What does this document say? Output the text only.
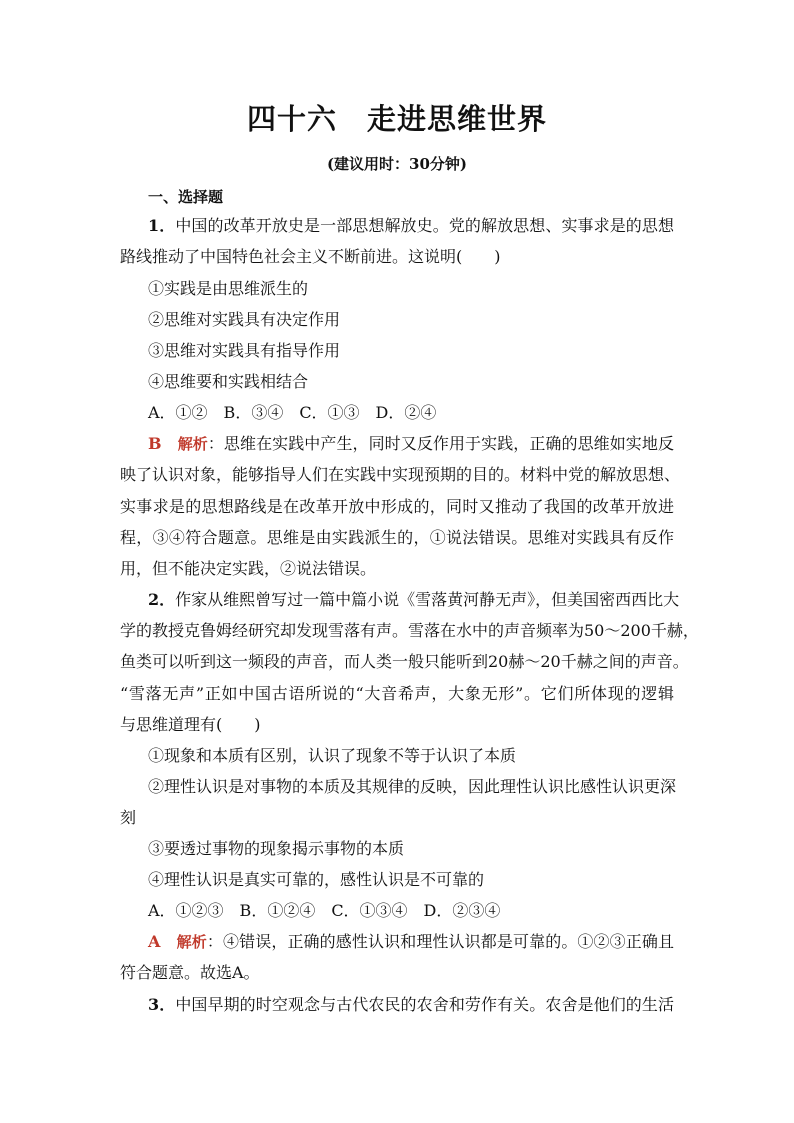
四十六　走进思维世界
(建议用时：30分钟)
一、选择题
1．中国的改革开放史是一部思想解放史。党的解放思想、实事求是的思想
路线推动了中国特色社会主义不断前进。这说明(　　)
①实践是由思维派生的
②思维对实践具有决定作用
③思维对实践具有指导作用
④思维要和实践相结合
A．①②　B．③④　C．①③　D．②④
B　 解析：思维在实践中产生，同时又反作用于实践，正确的思维如实地反
映了认识对象，能够指导人们在实践中实现预期的目的。材料中党的解放思想、
实事求是的思想路线是在改革开放中形成的，同时又推动了我国的改革开放进
程，③④符合题意。思维是由实践派生的，①说法错误。思维对实践具有反作
用，但不能决定实践，②说法错误。
2．作家从维熙曾写过一篇中篇小说《雪落黄河静无声》，但美国密西西比大
学的教授克鲁姆经研究却发现雪落有声。雪落在水中的声音频率为50～200千赫，
鱼类可以听到这一频段的声音，而人类一般只能听到20赫～20千赫之间的声音。
“雪落无声”正如中国古语所说的“大音希声，大象无形”。它们所体现的逻辑
与思维道理有(　　)
①现象和本质有区别，认识了现象不等于认识了本质
②理性认识是对事物的本质及其规律的反映，因此理性认识比感性认识更深
刻
③要透过事物的现象揭示事物的本质
④理性认识是真实可靠的，感性认识是不可靠的
A．①②③　B．①②④　C．①③④　D．②③④
A　 解析：④错误，正确的感性认识和理性认识都是可靠的。①②③正确且
符合题意。故选A。
3．中国早期的时空观念与古代农民的农舍和劳作有关。农舍是他们的生活
